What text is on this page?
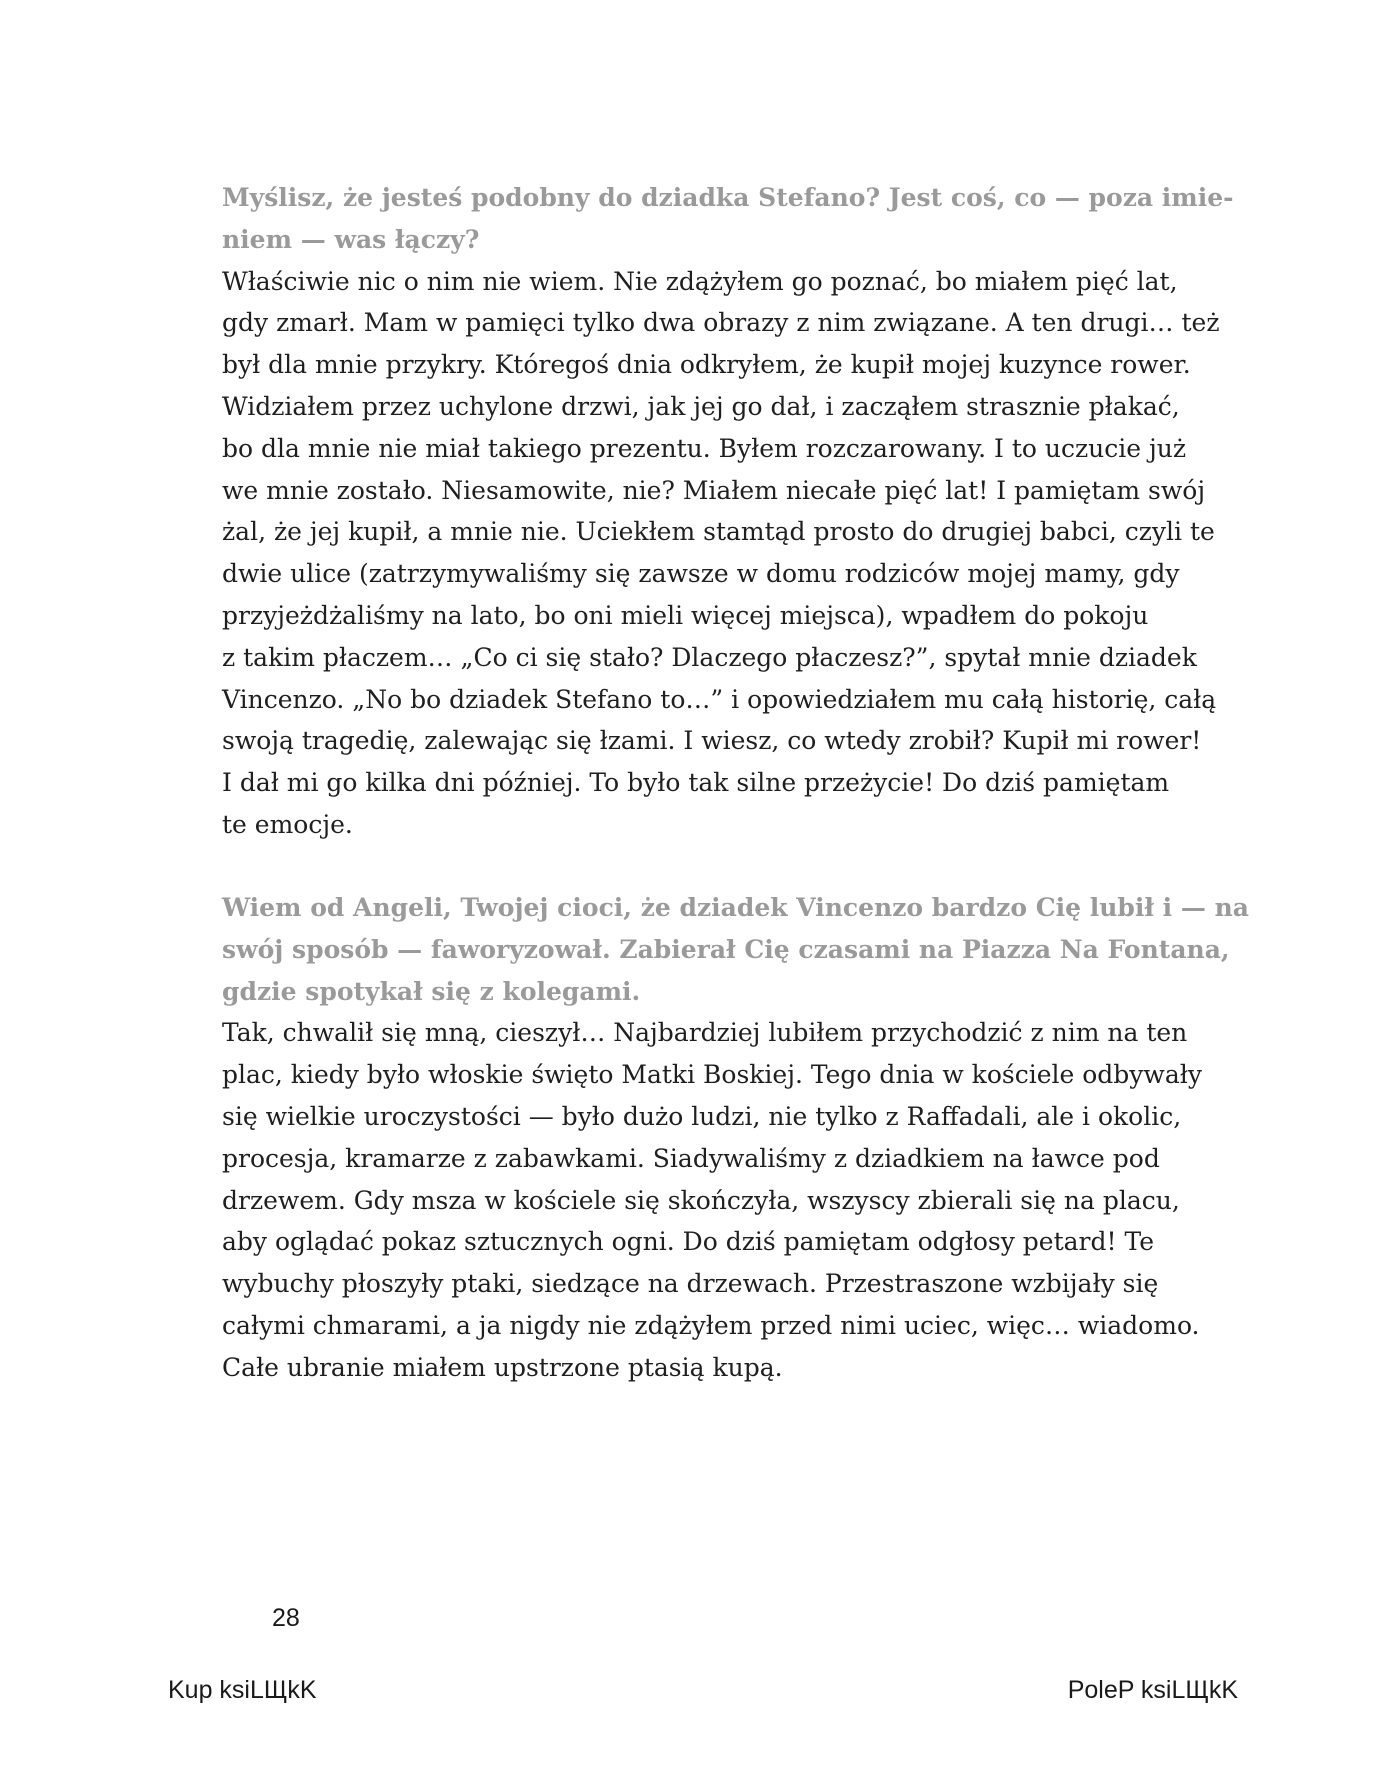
Myślisz, że jesteś podobny do dziadka Stefano? Jest coś, co — poza imie-
niem — was łączy?
Właściwie nic o nim nie wiem. Nie zdążyłem go poznać, bo miałem pięć lat,
gdy zmarł. Mam w pamięci tylko dwa obrazy z nim związane. A ten drugi… też
był dla mnie przykry. Któregoś dnia odkryłem, że kupił mojej kuzynce rower.
Widziałem przez uchylone drzwi, jak jej go dał, i zacząłem strasznie płakać,
bo dla mnie nie miał takiego prezentu. Byłem rozczarowany. I to uczucie już
we mnie zostało. Niesamowite, nie? Miałem niecałe pięć lat! I pamiętam swój
żal, że jej kupił, a mnie nie. Uciekłem stamtąd prosto do drugiej babci, czyli te
dwie ulice (zatrzymywaliśmy się zawsze w domu rodziców mojej mamy, gdy
przyjeżdżaliśmy na lato, bo oni mieli więcej miejsca), wpadłem do pokoju
z takim płaczem… „Co ci się stało? Dlaczego płaczesz?”, spytał mnie dziadek
Vincenzo. „No bo dziadek Stefano to…” i opowiedziałem mu całą historię, całą
swoją tragedię, zalewając się łzami. I wiesz, co wtedy zrobił? Kupił mi rower!
I dał mi go kilka dni później. To było tak silne przeżycie! Do dziś pamiętam
te emocje.
Wiem od Angeli, Twojej cioci, że dziadek Vincenzo bardzo Cię lubił i — na
swój sposób — faworyzował. Zabierał Cię czasami na Piazza Na Fontana,
gdzie spotykał się z kolegami.
Tak, chwalił się mną, cieszył… Najbardziej lubiłem przychodzić z nim na ten
plac, kiedy było włoskie święto Matki Boskiej. Tego dnia w kościele odbywały
się wielkie uroczystości — było dużo ludzi, nie tylko z Raffadali, ale i okolic,
procesja, kramarze z zabawkami. Siadywaliśmy z dziadkiem na ławce pod
drzewem. Gdy msza w kościele się skończyła, wszyscy zbierali się na placu,
aby oglądać pokaz sztucznych ogni. Do dziś pamiętam odgłosy petard! Te
wybuchy płoszyły ptaki, siedzące na drzewach. Przestraszone wzbijały się
całymi chmarami, a ja nigdy nie zdążyłem przed nimi uciec, więc… wiadomo.
Całe ubranie miałem upstrzone ptasią kupą.
28
Kup ksiLЩkK	PoleP ksiLЩkK
